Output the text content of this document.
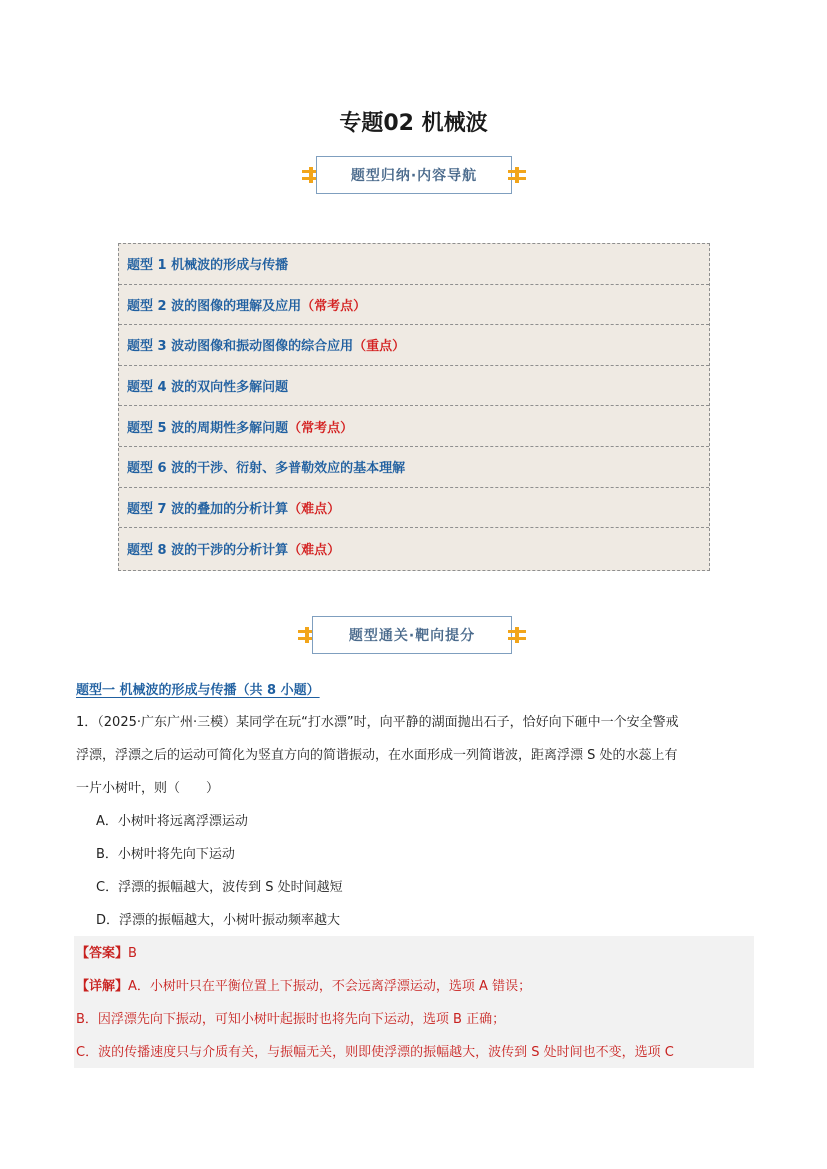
专题02 机械波
题型归纳·内容导航
题型 1 机械波的形成与传播
题型 2 波的图像的理解及应用 （常考点）
题型 3 波动图像和振动图像的综合应用 （重点）
题型 4 波的双向性多解问题
题型 5 波的周期性多解问题 （常考点）
题型 6 波的干涉、衍射、多普勒效应的基本理解
题型 7 波的叠加的分析计算 （难点）
题型 8 波的干涉的分析计算 （难点）
题型通关·靶向提分
题型一 机械波的形成与传播（共 8 小题）
1．（2025·广东广州·三模）某同学在玩“打水漂”时，向平静的湖面抛出石子，恰好向下砸中一个安全警戒
浮漂，浮漂之后的运动可简化为竖直方向的简谐振动，在水面形成一列简谐波，距离浮漂 S 处的水蕊上有
一片小树叶，则（　　）
A．小树叶将远离浮漂运动
B．小树叶将先向下运动
C．浮漂的振幅越大，波传到 S 处时间越短
D．浮漂的振幅越大，小树叶振动频率越大
【答案】B
【详解】A．小树叶只在平衡位置上下振动，不会远离浮漂运动，选项 A 错误；
B．因浮漂先向下振动，可知小树叶起振时也将先向下运动，选项 B 正确；
C．波的传播速度只与介质有关，与振幅无关，则即使浮漂的振幅越大，波传到 S 处时间也不变，选项 C
